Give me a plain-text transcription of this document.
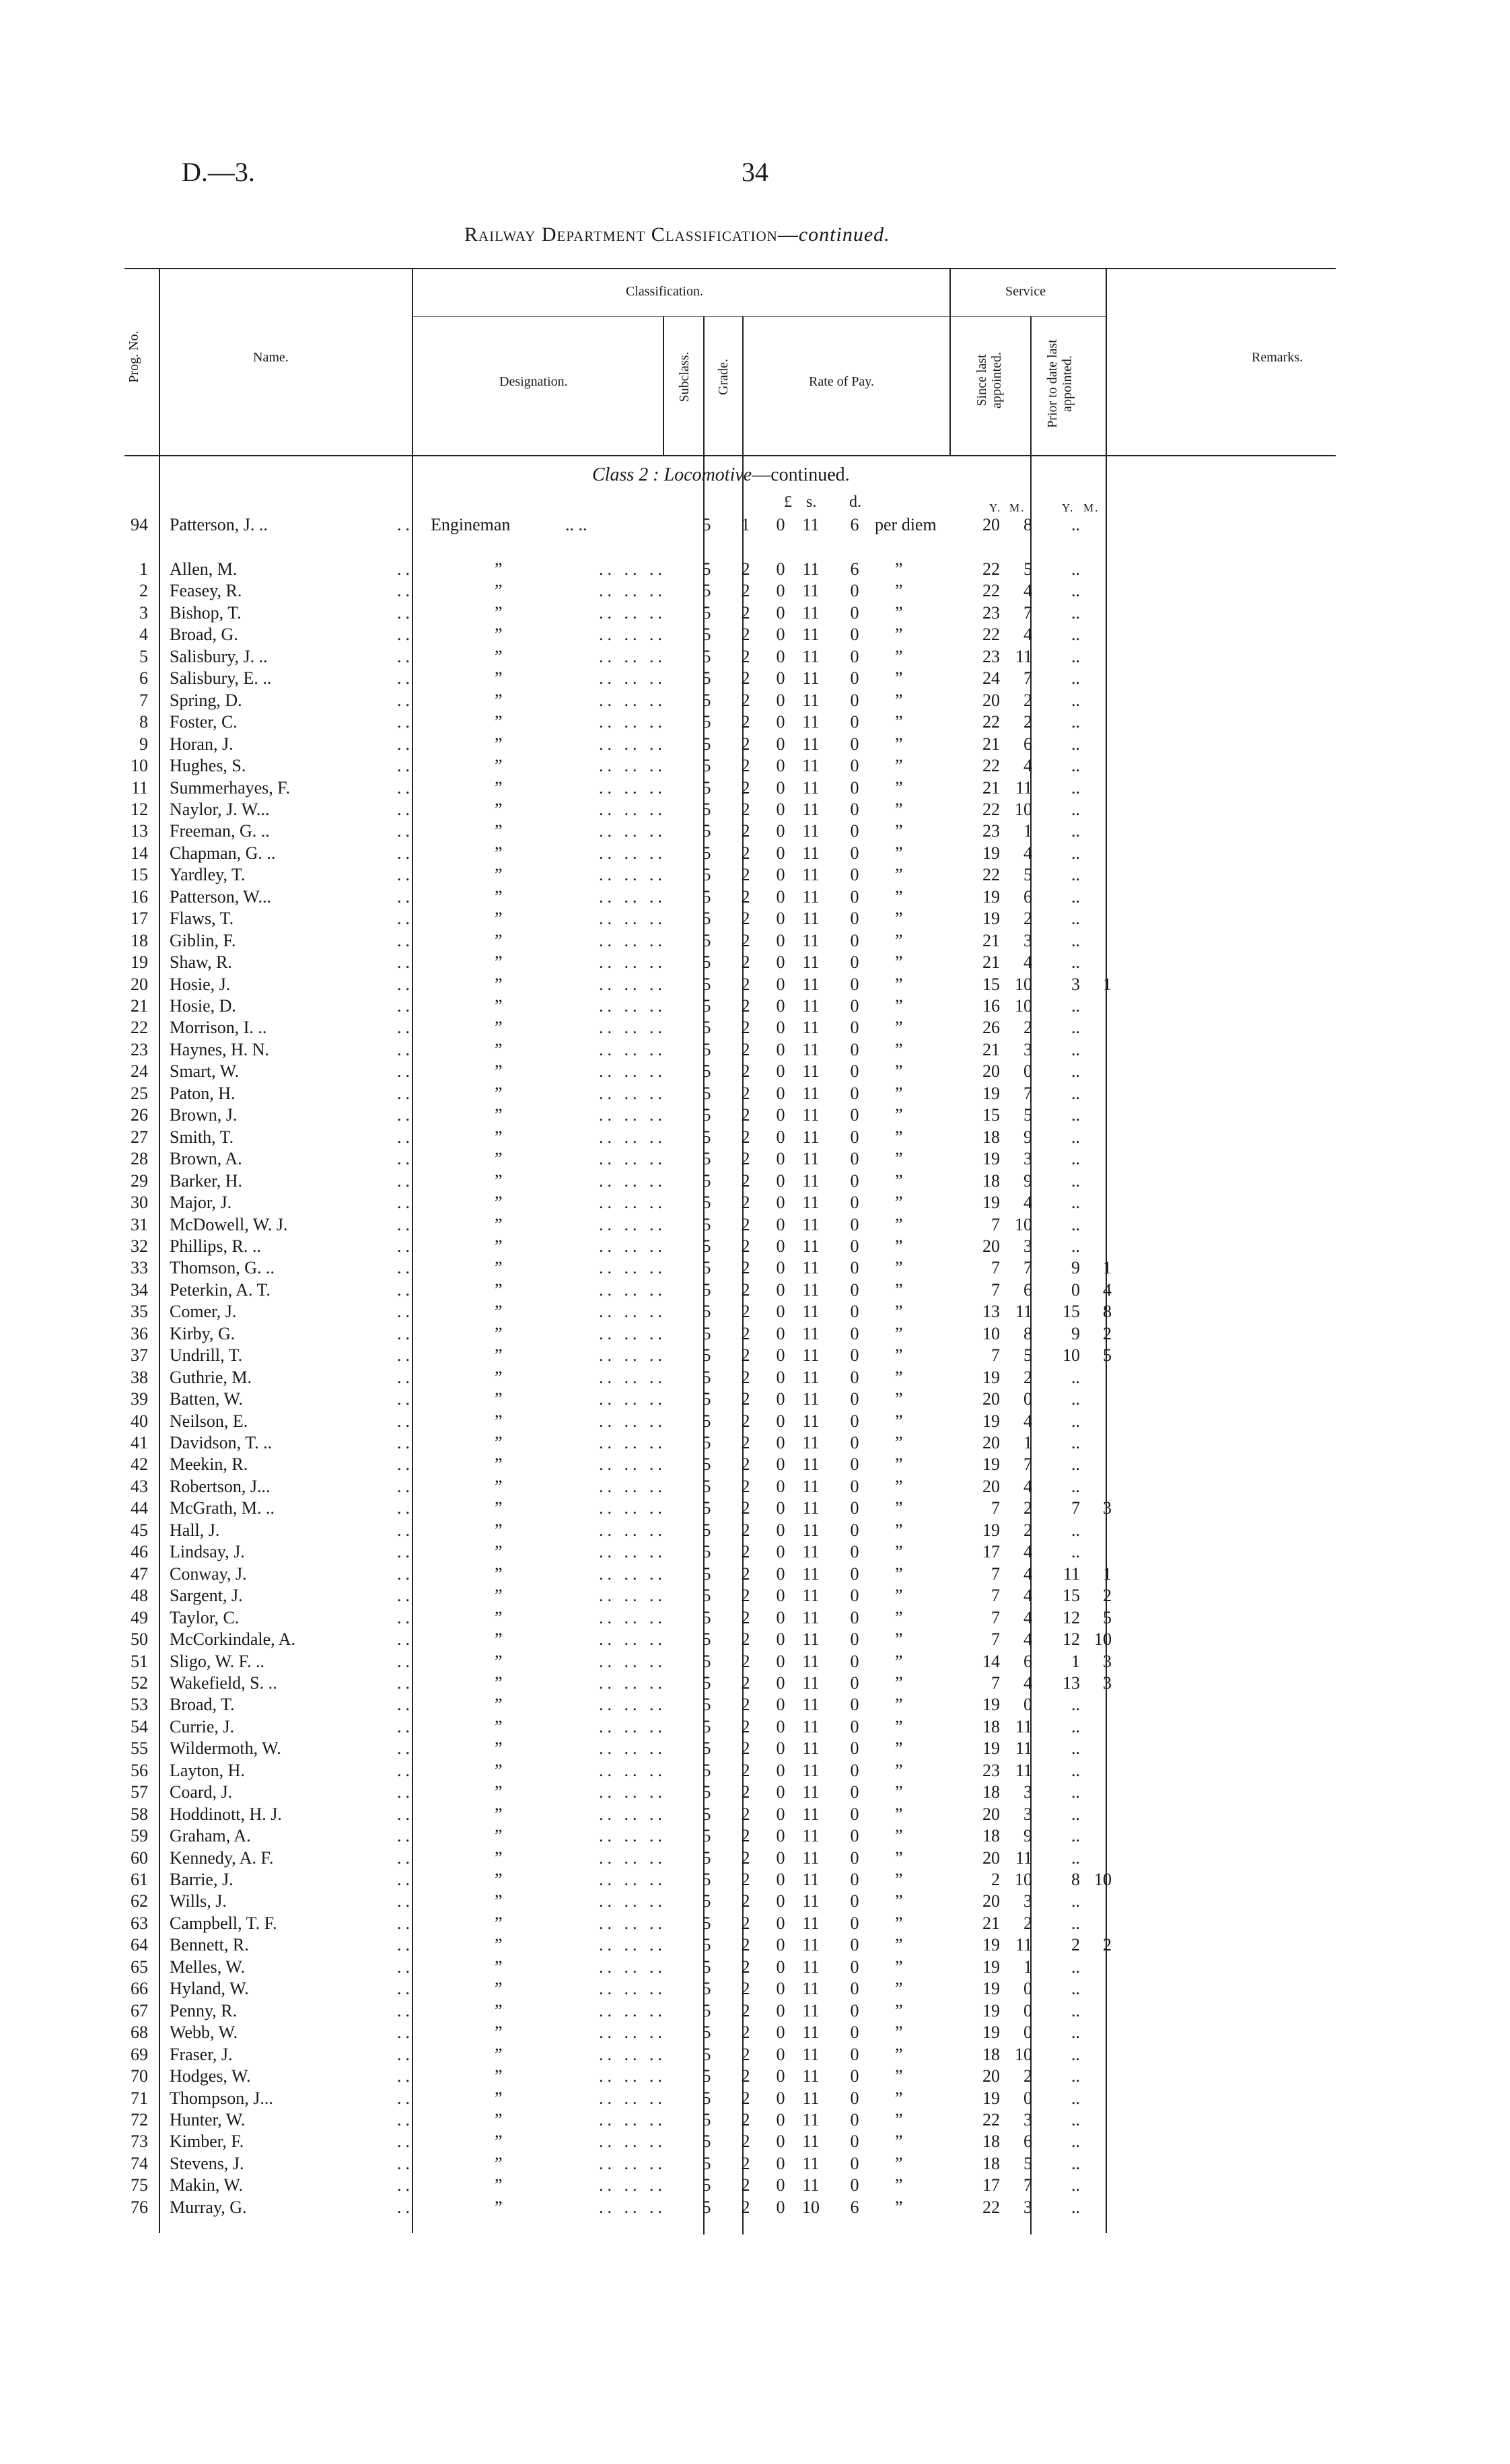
D.—3.	34
Railway Department Classification—continued.
Prog. No.	Name.
Classification.
Designation.	Subclass. Grade.	Rate of Pay.
Service
Since last appointed.	Prior to date last appointed.	Remarks.
Class 2 : Locomotive—continued.
£ s. d.	Y. M.	Y. M.
94 Patterson, J. ..	.. Engineman	.. ..	5	1	0 11	6 per diem	20	8	..
1 Allen, M.	..	”	.. .. ..	5	2	0 11	6	”	22	5	..
2 Feasey, R.	..	”	.. .. ..	5	2	0 11	0	”	22	4	..
3 Bishop, T.	..	”	.. .. ..	5	2	0 11	0	”	23	7	..
4 Broad, G.	..	”	.. .. ..	5	2	0 11	0	”	22	4	..
5 Salisbury, J. ..	..	”	.. .. ..	5	2	0 11	0	”	23 11	..
6 Salisbury, E. ..	..	”	.. .. ..	5	2	0 11	0	”	24	7	..
7 Spring, D.	..	”	.. .. ..	5	2	0 11	0	”	20	2	..
8 Foster, C.	..	”	.. .. ..	5	2	0 11	0	”	22	2	..
9 Horan, J.	..	”	.. .. ..	5	2	0 11	0	”	21	6	..
10 Hughes, S.	..	”	.. .. ..	5	2	0 11	0	”	22	4	..
11 Summerhayes, F.	..	”	.. .. ..	5	2	0 11	0	”	21 11	..
12 Naylor, J. W...	..	”	.. .. ..	5	2	0 11	0	”	22 10	..
13 Freeman, G. ..	..	”	.. .. ..	5	2	0 11	0	”	23	1	..
14 Chapman, G. ..	..	”	.. .. ..	5	2	0 11	0	”	19	4	..
15 Yardley, T.	..	”	.. .. ..	5	2	0 11	0	”	22	5	..
16 Patterson, W...	..	”	.. .. ..	5	2	0 11	0	”	19	6	..
17 Flaws, T.	..	”	.. .. ..	5	2	0 11	0	”	19	2	..
18 Giblin, F.	..	”	.. .. ..	5	2	0 11	0	”	21	3	..
19 Shaw, R.	..	”	.. .. ..	5	2	0 11	0	”	21	4	..
20 Hosie, J.	..	”	.. .. ..	5	2	0 11	0	”	15 10	3	1
21 Hosie, D.	..	”	.. .. ..	5	2	0 11	0	”	16 10	..
22 Morrison, I. ..	..	”	.. .. ..	5	2	0 11	0	”	26	2	..
23 Haynes, H. N.	..	”	.. .. ..	5	2	0 11	0	”	21	3	..
24 Smart, W.	..	”	.. .. ..	5	2	0 11	0	”	20	0	..
25 Paton, H.	..	”	.. .. ..	5	2	0 11	0	”	19	7	..
26 Brown, J.	..	”	.. .. ..	5	2	0 11	0	”	15	5	..
27 Smith, T.	..	”	.. .. ..	5	2	0 11	0	”	18	9	..
28 Brown, A.	..	”	.. .. ..	5	2	0 11	0	”	19	3	..
29 Barker, H.	..	”	.. .. ..	5	2	0 11	0	”	18	9	..
30 Major, J.	..	”	.. .. ..	5	2	0 11	0	”	19	4	..
31 McDowell, W. J.	..	”	.. .. ..	5	2	0 11	0	”	7 10	..
32 Phillips, R. ..	..	”	.. .. ..	5	2	0 11	0	”	20	3	..
33 Thomson, G. ..	..	”	.. .. ..	5	2	0 11	0	”	7	7	9	1
34 Peterkin, A. T.	..	”	.. .. ..	5	2	0 11	0	”	7	6	0	4
35 Comer, J.	..	”	.. .. ..	5	2	0 11	0	”	13 11	15	8
36 Kirby, G.	..	”	.. .. ..	5	2	0 11	0	”	10	8	9	2
37 Undrill, T.	..	”	.. .. ..	5	2	0 11	0	”	7	5	10	5
38 Guthrie, M.	..	”	.. .. ..	5	2	0 11	0	”	19	2	..
39 Batten, W.	..	”	.. .. ..	5	2	0 11	0	”	20	0	..
40 Neilson, E.	..	”	.. .. ..	5	2	0 11	0	”	19	4	..
41 Davidson, T. ..	..	”	.. .. ..	5	2	0 11	0	”	20	1	..
42 Meekin, R.	..	”	.. .. ..	5	2	0 11	0	”	19	7	..
43 Robertson, J...	..	”	.. .. ..	5	2	0 11	0	”	20	4	..
44 McGrath, M. ..	..	”	.. .. ..	5	2	0 11	0	”	7	2	7	3
45 Hall, J.	..	”	.. .. ..	5	2	0 11	0	”	19	2	..
46 Lindsay, J.	..	”	.. .. ..	5	2	0 11	0	”	17	4	..
47 Conway, J.	..	”	.. .. ..	5	2	0 11	0	”	7	4	11	1
48 Sargent, J.	..	”	.. .. ..	5	2	0 11	0	”	7	4	15	2
49 Taylor, C.	..	”	.. .. ..	5	2	0 11	0	”	7	4	12	5
50 McCorkindale, A.	..	”	.. .. ..	5	2	0 11	0	”	7	4	12 10
51 Sligo, W. F. ..	..	”	.. .. ..	5	2	0 11	0	”	14	6	1	3
52 Wakefield, S. ..	..	”	.. .. ..	5	2	0 11	0	”	7	4	13	3
53 Broad, T.	..	”	.. .. ..	5	2	0 11	0	”	19	0	..
54 Currie, J.	..	”	.. .. ..	5	2	0 11	0	”	18 11	..
55 Wildermoth, W.	..	”	.. .. ..	5	2	0 11	0	”	19 11	..
56 Layton, H.	..	”	.. .. ..	5	2	0 11	0	”	23 11	..
57 Coard, J.	..	”	.. .. ..	5	2	0 11	0	”	18	3	..
58 Hoddinott, H. J.	..	”	.. .. ..	5	2	0 11	0	”	20	3	..
59 Graham, A.	..	”	.. .. ..	5	2	0 11	0	”	18	9	..
60 Kennedy, A. F.	..	”	.. .. ..	5	2	0 11	0	”	20 11	..
61 Barrie, J.	..	”	.. .. ..	5	2	0 11	0	”	2 10	8 10
62 Wills, J.	..	”	.. .. ..	5	2	0 11	0	”	20	3	..
63 Campbell, T. F.	..	”	.. .. ..	5	2	0 11	0	”	21	2	..
64 Bennett, R.	..	”	.. .. ..	5	2	0 11	0	”	19 11	2	2
65 Melles, W.	..	”	.. .. ..	5	2	0 11	0	”	19	1	..
66 Hyland, W.	..	”	.. .. ..	5	2	0 11	0	”	19	0	..
67 Penny, R.	..	”	.. .. ..	5	2	0 11	0	”	19	0	..
68 Webb, W.	..	”	.. .. ..	5	2	0 11	0	”	19	0	..
69 Fraser, J.	..	”	.. .. ..	5	2	0 11	0	”	18 10	..
70 Hodges, W.	..	”	.. .. ..	5	2	0 11	0	”	20	2	..
71 Thompson, J...	..	”	.. .. ..	5	2	0 11	0	”	19	0	..
72 Hunter, W.	..	”	.. .. ..	5	2	0 11	0	”	22	3	..
73 Kimber, F.	..	”	.. .. ..	5	2	0 11	0	”	18	6	..
74 Stevens, J.	..	”	.. .. ..	5	2	0 11	0	”	18	5	..
75 Makin, W.	..	”	.. .. ..	5	2	0 11	0	”	17	7	..
76 Murray, G.	..	”	.. .. ..	5	2	0 10	6	”	22	3	..
